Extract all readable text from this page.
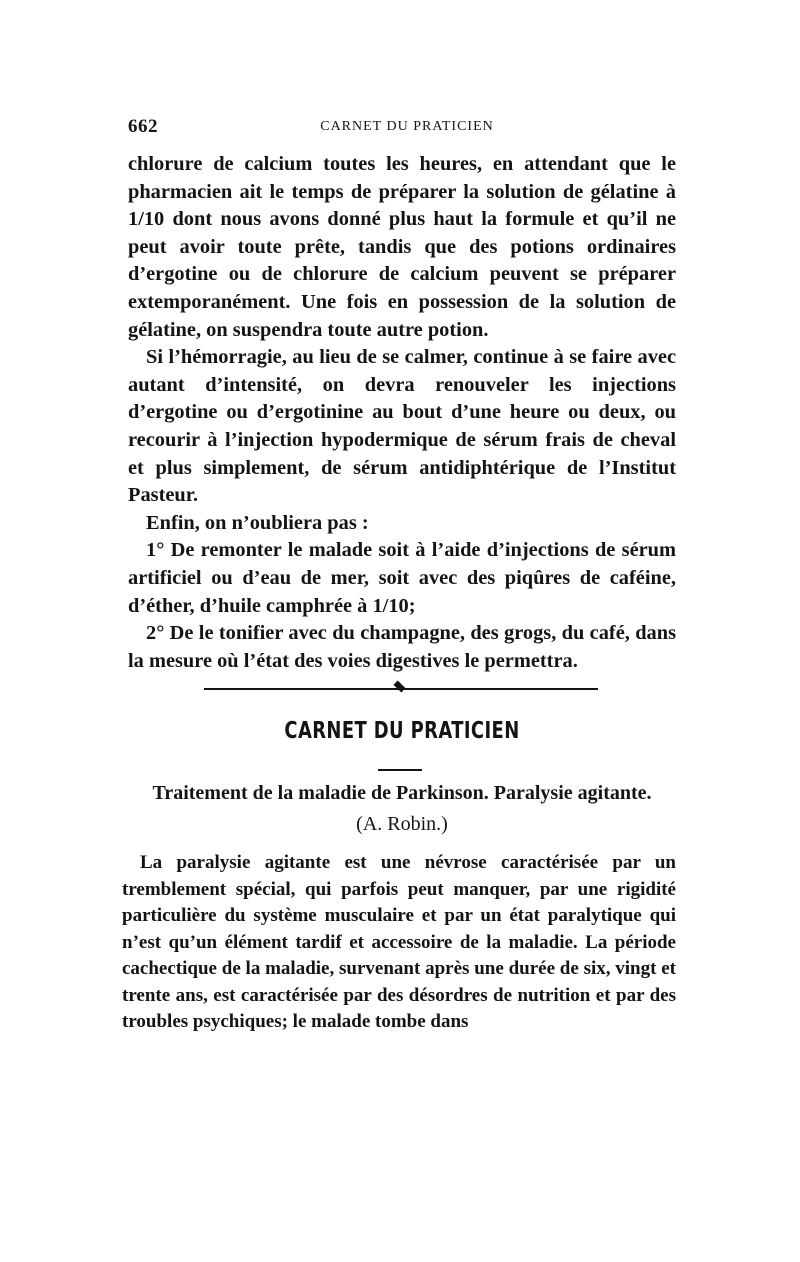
662	CARNET DU PRATICIEN

chlorure de calcium toutes les heures, en attendant que le pharmacien ait le temps de préparer la solution de gélatine à 1/10 dont nous avons donné plus haut la formule et qu’il ne peut avoir toute prête, tandis que des potions ordinaires d’ergotine ou de chlorure de calcium peuvent se préparer extemporanément. Une fois en possession de la solution de gélatine, on suspendra toute autre potion.

Si l’hémorragie, au lieu de se calmer, continue à se faire avec autant d’intensité, on devra renouveler les injections d’ergotine ou d’ergotinine au bout d’une heure ou deux, ou recourir à l’injection hypodermique de sérum frais de cheval et plus simplement, de sérum antidiphtérique de l’Institut Pasteur.

Enfin, on n’oubliera pas :

1° De remonter le malade soit à l’aide d’injections de sérum artificiel ou d’eau de mer, soit avec des piqûres de caféine, d’éther, d’huile camphrée à 1/10;

2° De le tonifier avec du champagne, des grogs, du café, dans la mesure où l’état des voies digestives le permettra.

CARNET DU PRATICIEN
Traitement de la maladie de Parkinson. Paralysie agitante.
(A. Robin.)

La paralysie agitante est une névrose caractérisée par un tremblement spécial, qui parfois peut manquer, par une rigidité particulière du système musculaire et par un état paralytique qui n’est qu’un élément tardif et accessoire de la maladie. La période cachectique de la maladie, survenant après une durée de six, vingt et trente ans, est caractérisée par des désordres de nutrition et par des troubles psychiques; le malade tombe dans
